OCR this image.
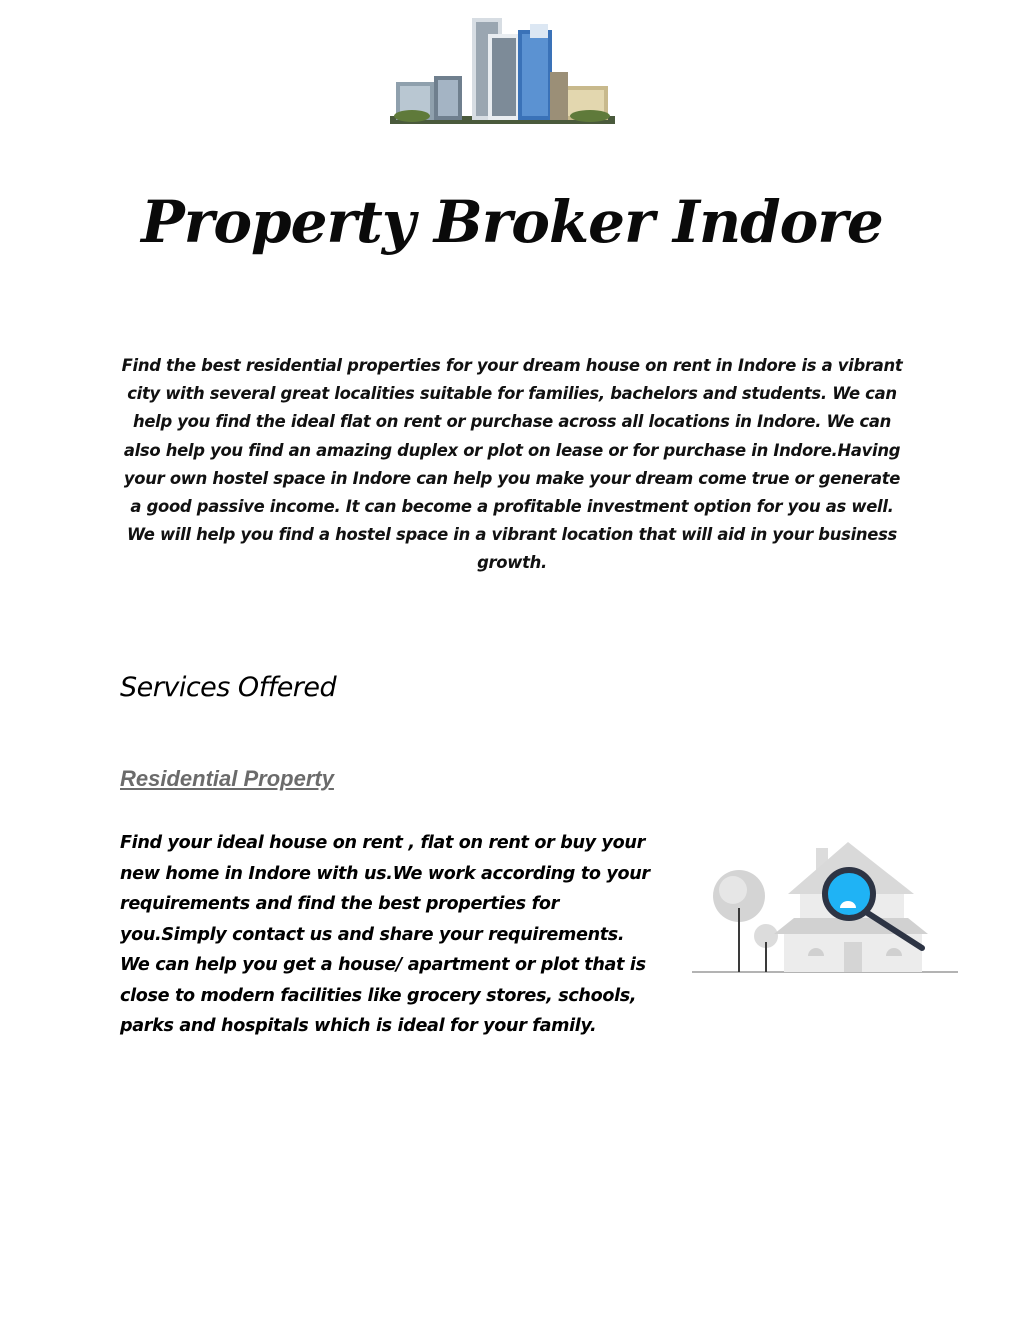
Property Broker Indore

Find the best residential properties for your dream house on rent in Indore is a vibrant city with several great localities suitable for families, bachelors and students. We can help you find the ideal flat on rent or purchase across all locations in Indore. We can also help you find an amazing duplex or plot on lease or for purchase in Indore.Having your own hostel space in Indore can help you make your dream come true or generate a good passive income. It can become a profitable investment option for you as well. We will help you find a hostel space in a vibrant location that will aid in your business growth.

Services Offered
Residential Property

Find your ideal house on rent , flat on rent or buy your new home in Indore with us.We work according to your requirements and find the best properties for you.Simply contact us and share your requirements. We can help you get a house/ apartment or plot that is close to modern facilities like grocery stores, schools, parks and hospitals which is ideal for your family.
